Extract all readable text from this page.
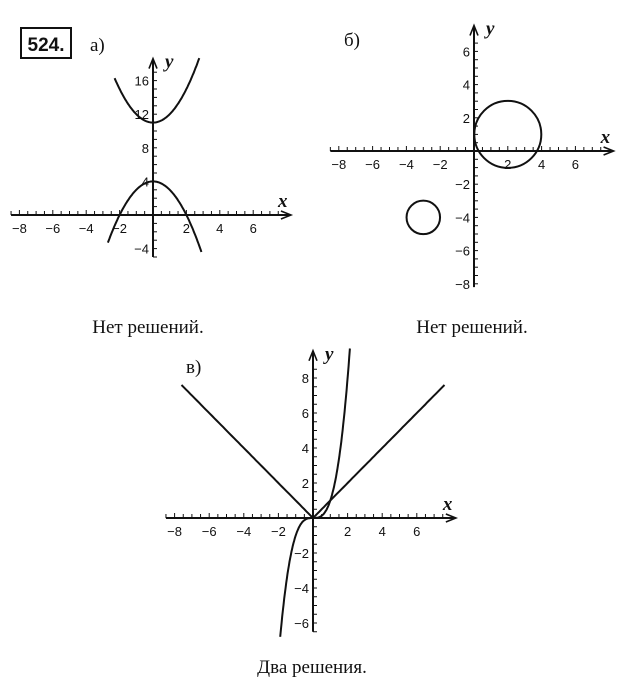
524. а)
x
y
−8 −6 −4 −2	2 4 6
16
12
8
4
−4
Нет решений.
б)
x
y
−8 −6 −4 −2	2 4 6
6
4
2
−2
−4
−6
−8
Нет решений.
в)
x
y
−8 −6 −4 −2	2 4 6
8
6
4
2
−2
−4
−6
Два решения.
